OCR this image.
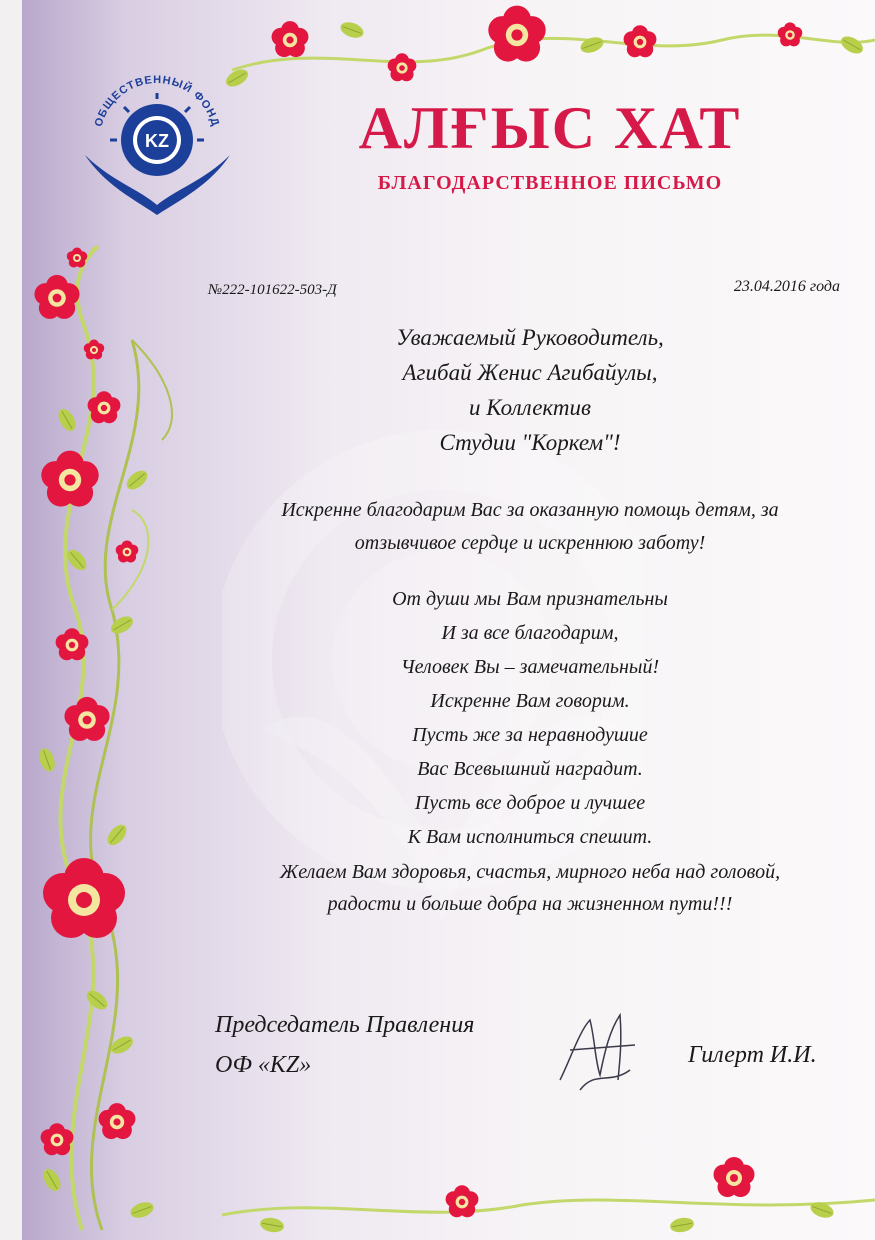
ОБЩЕСТВЕННЫЙ ФОНД
KZ	АЛҒЫС ХАТ
БЛАГОДАРСТВЕННОЕ ПИСЬМО
№222-101622-503-Д	23.04.2016 года
Уважаемый Руководитель,
Агибай Женис Агибайулы,
и Коллектив
Студии "Коркем"!
Искренне благодарим Вас за оказанную помощь детям, за
отзывчивое сердце и искреннюю заботу!
От души мы Вам признательны
И за все благодарим,
Человек Вы – замечательный!
Искренне Вам говорим.
Пусть же за неравнодушие
Вас Всевышний наградит.
Пусть все доброе и лучшее
К Вам исполниться спешит.
Желаем Вам здоровья, счастья, мирного неба над головой,
радости и больше добра на жизненном пути!!!
Председатель Правления
ОФ «KZ»	Гилерт И.И.
